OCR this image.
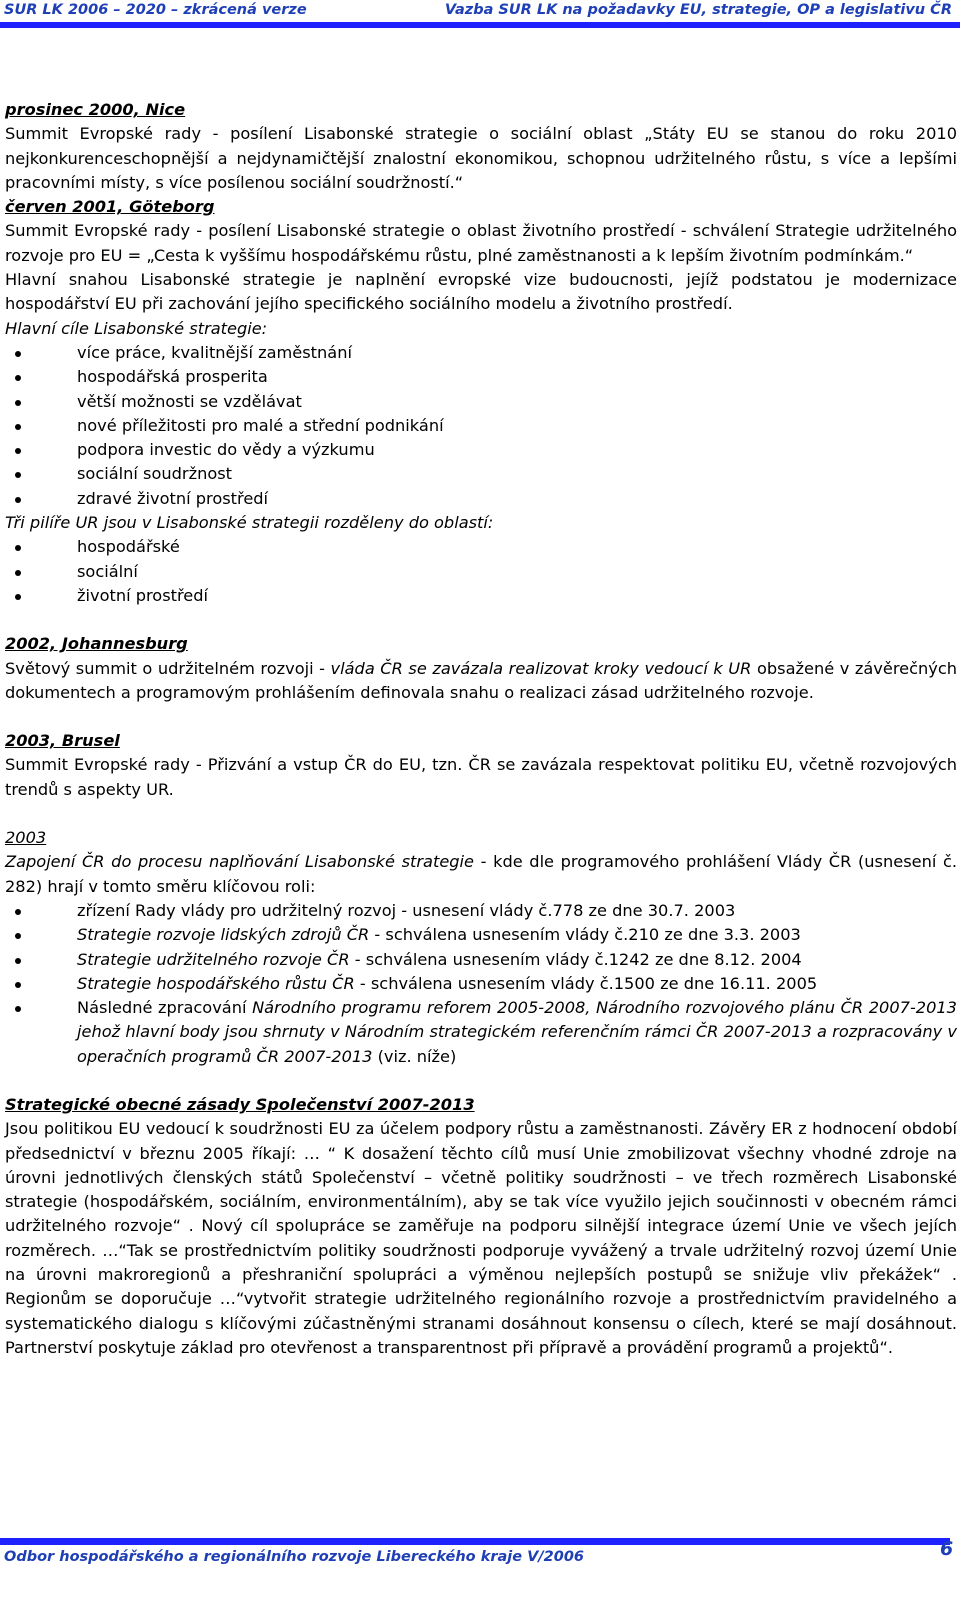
SUR LK 2006 – 2020 – zkrácená verze	Vazba SUR LK na požadavky EU, strategie, OP a legislativu ČR

prosinec 2000, Nice

Summit Evropské rady - posílení Lisabonské strategie o sociální oblast „Státy EU se stanou do roku 2010 nejkonkurenceschopnější a nejdynamičtější znalostní ekonomikou, schopnou udržitelného růstu, s více a lepšími pracovními místy, s více posílenou sociální soudržností.“

červen 2001, Göteborg

Summit Evropské rady - posílení Lisabonské strategie o oblast životního prostředí - schválení Strategie udržitelného rozvoje pro EU = „Cesta k vyššímu hospodářskému růstu, plné zaměstnanosti a k lepším životním podmínkám.“

Hlavní snahou Lisabonské strategie je naplnění evropské vize budoucnosti, jejíž podstatou je modernizace hospodářství EU při zachování jejího specifického sociálního modelu a životního prostředí.

Hlavní cíle Lisabonské strategie:

více práce, kvalitnější zaměstnání
hospodářská prosperita
větší možnosti se vzdělávat
nové příležitosti pro malé a střední podnikání
podpora investic do vědy a výzkumu
sociální soudržnost
zdravé životní prostředí

Tři pilíře UR jsou v Lisabonské strategii rozděleny do oblastí:

hospodářské
sociální
životní prostředí

2002, Johannesburg

Světový summit o udržitelném rozvoji - vláda ČR se zavázala realizovat kroky vedoucí k UR obsažené v závěrečných dokumentech a programovým prohlášením definovala snahu o realizaci zásad udržitelného rozvoje.

2003, Brusel

Summit Evropské rady - Přizvání a vstup ČR do EU, tzn. ČR se zavázala respektovat politiku EU, včetně rozvojových trendů s aspekty UR.

2003

Zapojení ČR do procesu naplňování Lisabonské strategie - kde dle programového prohlášení Vlády ČR (usnesení č. 282) hrají v tomto směru klíčovou roli:

zřízení Rady vlády pro udržitelný rozvoj - usnesení vlády č.778 ze dne 30.7. 2003
Strategie rozvoje lidských zdrojů ČR - schválena usnesením vlády č.210 ze dne 3.3. 2003
Strategie udržitelného rozvoje ČR - schválena usnesením vlády č.1242 ze dne 8.12. 2004
Strategie hospodářského růstu ČR - schválena usnesením vlády č.1500 ze dne 16.11. 2005
Následné zpracování Národního programu reforem 2005-2008, Národního rozvojového plánu ČR 2007-2013 jehož hlavní body jsou shrnuty v Národním strategickém referenčním rámci ČR 2007-2013 a rozpracovány v operačních programů ČR 2007-2013 (viz. níže)

Strategické obecné zásady Společenství 2007-2013

Jsou politikou EU vedoucí k soudržnosti EU za účelem podpory růstu a zaměstnanosti. Závěry ER z hodnocení období předsednictví v březnu 2005 říkají: … “ K dosažení těchto cílů musí Unie zmobilizovat všechny vhodné zdroje na úrovni jednotlivých členských států Společenství – včetně politiky soudržnosti – ve třech rozměrech Lisabonské strategie (hospodářském, sociálním, environmentálním), aby se tak více využilo jejich součinnosti v obecném rámci udržitelného rozvoje“ . Nový cíl spolupráce se zaměřuje na podporu silnější integrace území Unie ve všech jejích rozměrech. …“Tak se prostřednictvím politiky soudržnosti podporuje vyvážený a trvale udržitelný rozvoj území Unie na úrovni makroregionů a přeshraniční spolupráci a výměnou nejlepších postupů se snižuje vliv překážek“ . Regionům se doporučuje …“vytvořit strategie udržitelného regionálního rozvoje a prostřednictvím pravidelného a systematického dialogu s klíčovými zúčastněnými stranami dosáhnout konsensu o cílech, které se mají dosáhnout. Partnerství poskytuje základ pro otevřenost a transparentnost při přípravě a provádění programů a projektů“.

Odbor hospodářského a regionálního rozvoje Libereckého kraje V/2006	6
